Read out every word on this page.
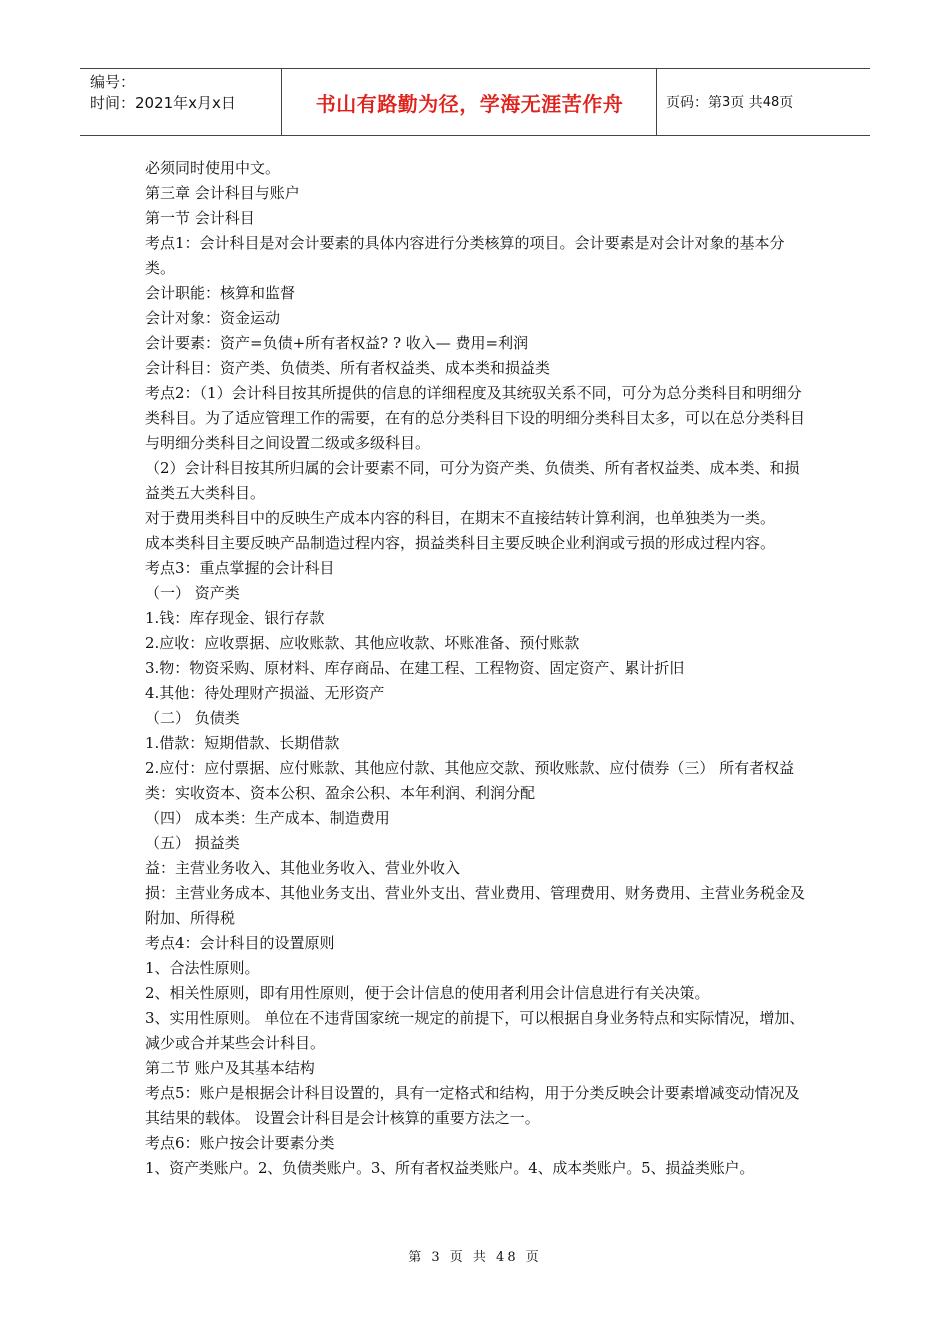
编号：
时间：2021年x月x日	书山有路勤为径，学海无涯苦作舟	页码：第 3 页 共 48 页

必须同时使用中文。

第三章 会计科目与账户

第一节 会计科目

考点1：会计科目是对会计要素的具体内容进行分类核算的项目。会计要素是对会计对象的基本分类。

会计职能：核算和监督

会计对象：资金运动

会计要素：资产=负债+所有者权益? ? 收入— 费用=利润

会计科目：资产类、负债类、所有者权益类、成本类和损益类

考点2：（1）会计科目按其所提供的信息的详细程度及其统驭关系不同，可分为总分类科目和明细分类科目。为了适应管理工作的需要，在有的总分类科目下设的明细分类科目太多，可以在总分类科目与明细分类科目之间设置二级或多级科目。

（2）会计科目按其所归属的会计要素不同，可分为资产类、负债类、所有者权益类、成本类、和损益类五大类科目。

对于费用类科目中的反映生产成本内容的科目，在期末不直接结转计算利润，也单独类为一类。

成本类科目主要反映产品制造过程内容，损益类科目主要反映企业利润或亏损的形成过程内容。

考点3：重点掌握的会计科目

（一） 资产类

1.钱：库存现金、银行存款

2.应收：应收票据、应收账款、其他应收款、坏账准备、预付账款

3.物：物资采购、原材料、库存商品、在建工程、工程物资、固定资产、累计折旧

4.其他：待处理财产损溢、无形资产

（二） 负债类

1.借款：短期借款、长期借款

2.应付：应付票据、应付账款、其他应付款、其他应交款、预收账款、应付债券（三） 所有者权益类：实收资本、资本公积、盈余公积、本年利润、利润分配

（四） 成本类：生产成本、制造费用

（五） 损益类

益：主营业务收入、其他业务收入、营业外收入

损：主营业务成本、其他业务支出、营业外支出、营业费用、管理费用、财务费用、主营业务税金及附加、所得税

考点4：会计科目的设置原则

1、合法性原则。

2、相关性原则，即有用性原则，便于会计信息的使用者利用会计信息进行有关决策。

3、实用性原则。 单位在不违背国家统一规定的前提下，可以根据自身业务特点和实际情况，增加、减少或合并某些会计科目。

第二节 账户及其基本结构

考点5：账户是根据会计科目设置的，具有一定格式和结构，用于分类反映会计要素增减变动情况及其结果的载体。 设置会计科目是会计核算的重要方法之一。

考点6：账户按会计要素分类

1、资产类账户。2、负债类账户。3、所有者权益类账户。4、成本类账户。5、损益类账户。

第 3 页 共 48 页
